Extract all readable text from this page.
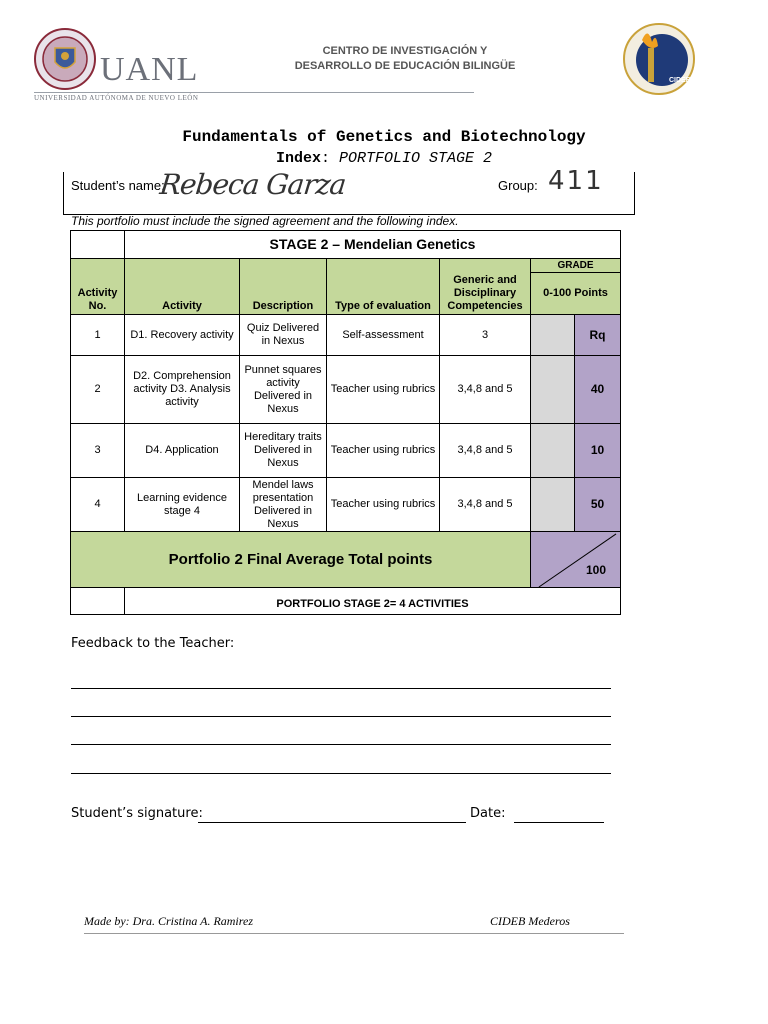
UANL
UNIVERSIDAD AUTÓNOMA DE NUEVO LEÓN
CENTRO DE INVESTIGACIÓN Y
DESARROLLO DE EDUCACIÓN BILINGÜE
CIDEB
Fundamentals of Genetics and Biotechnology
Index: PORTFOLIO STAGE 2
Student’s name:
Rebeca Garza	Group: 411
This portfolio must include the signed agreement and the following index.
	STAGE 2 – Mendelian Genetics					
Activity No.	Activity	Description	Type of evaluation	Generic and Disciplinary Competencies	GRADE	
					0-100 Points	
1	D1. Recovery activity	Quiz Delivered in Nexus	Self-assessment	3		Rq
2	D2. Comprehension activity D3. Analysis activity	Punnet squares activity Delivered in Nexus	Teacher using rubrics	3,4,8 and 5		40
3	D4. Application	Hereditary traits Delivered in Nexus	Teacher using rubrics	3,4,8 and 5		10
4	Learning evidence stage 4	Mendel laws presentation Delivered in Nexus	Teacher using rubrics	3,4,8 and 5		50
Portfolio 2 Final Average Total points					100	

	PORTFOLIO STAGE 2= 4 ACTIVITIES					
Feedback to the Teacher:
Student’s signature:	Date:
Made by: Dra. Cristina A. Ramirez	CIDEB Mederos
